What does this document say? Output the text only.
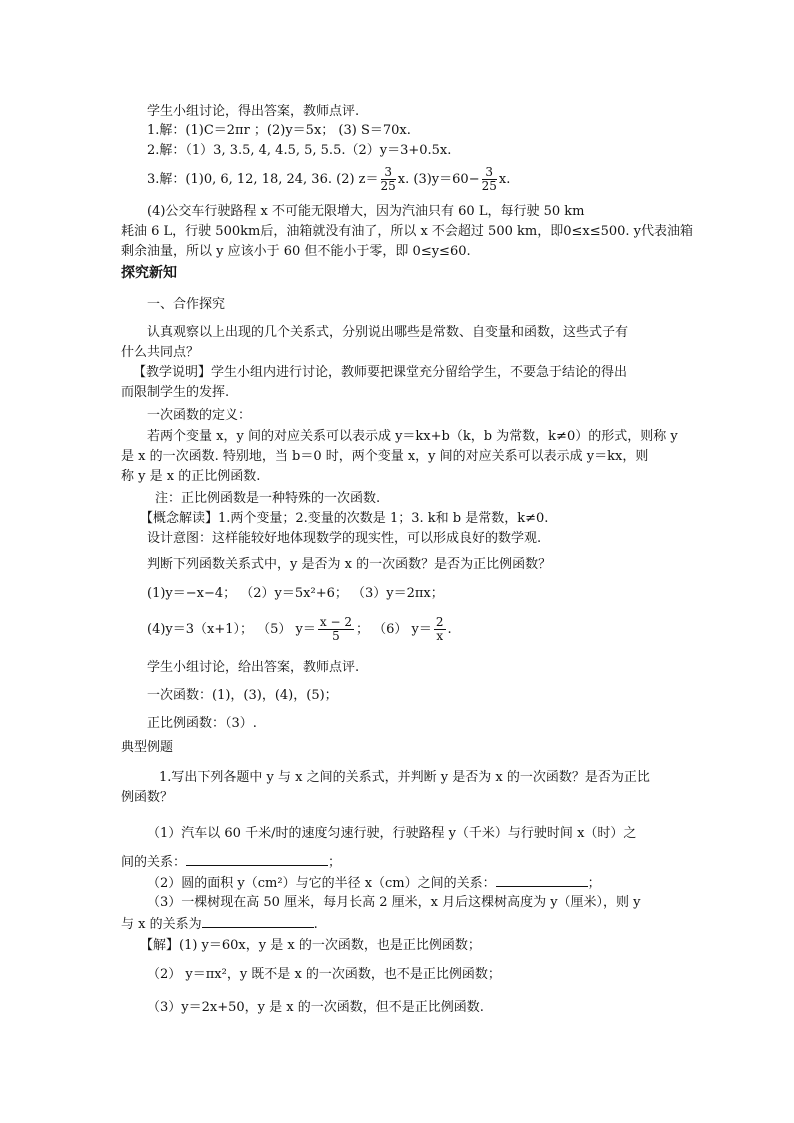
学生小组讨论，得出答案，教师点评.
1.解：(1)C＝2πr ；(2)y＝5x； (3) S＝70x.
2.解：（1）3, 3.5, 4, 4.5, 5, 5.5.（2）y＝3+0.5x.
3.解：(1)0, 6, 12, 18, 24, 36. (2) $z= \frac{3}{25} x$. $(3)y=60- \frac{3}{25} x$.
(4)公交车行驶路程 x 不可能无限增大，因为汽油只有 60 L，每行驶 50 km
耗油 6 L，行驶 500km后，油箱就没有油了，所以 x 不会超过 500 km，即0≤x≤500. y代表油箱
剩余油量，所以 y 应该小于 60 但不能小于零，即 0≤y≤60.
探究新知
一、合作探究
认真观察以上出现的几个关系式，分别说出哪些是常数、自变量和函数，这些式子有
什么共同点？
【教学说明】学生小组内进行讨论，教师要把课堂充分留给学生，不要急于结论的得出
而限制学生的发挥.
一次函数的定义：
若两个变量 x，y 间的对应关系可以表示成 y＝kx+b（k，b 为常数，k≠0）的形式，则称 y
是 x 的一次函数. 特别地，当 b＝0 时，两个变量 x，y 间的对应关系可以表示成 y＝kx，则
称 y 是 x 的正比例函数.
注：正比例函数是一种特殊的一次函数.
【概念解读】1.两个变量；2.变量的次数是 1；3. k和 b 是常数，k≠0.
设计意图：这样能较好地体现数学的现实性，可以形成良好的数学观.
判断下列函数关系式中，y 是否为 x 的一次函数？是否为正比例函数？
(1)y＝−x−4； （2）y＝5x²+6； （3）y＝2πx；
(4)y＝3（x+1）； （5） $y= \frac{x - 2}{5}$ ； （6） $y= \frac{2}{x}$ .
学生小组讨论，给出答案，教师点评.
一次函数：(1)，(3)，(4)，(5)；
正比例函数：（3）.
典型例题
1.写出下列各题中 y 与 x 之间的关系式，并判断 y 是否为 x 的一次函数？是否为正比
例函数？
（1）汽车以 60 千米/时的速度匀速行驶，行驶路程 y（千米）与行驶时间 x（时）之
间的关系：	；
（2）圆的面积 y（cm²）与它的半径 x（cm）之间的关系：	；
（3）一棵树现在高 50 厘米，每月长高 2 厘米，x 月后这棵树高度为 y（厘米），则 y
与 x 的关系为	.
【解】(1) y＝60x，y 是 x 的一次函数，也是正比例函数；
（2） y＝πx²，y 既不是 x 的一次函数，也不是正比例函数；
（3）y＝2x+50，y 是 x 的一次函数，但不是正比例函数.
